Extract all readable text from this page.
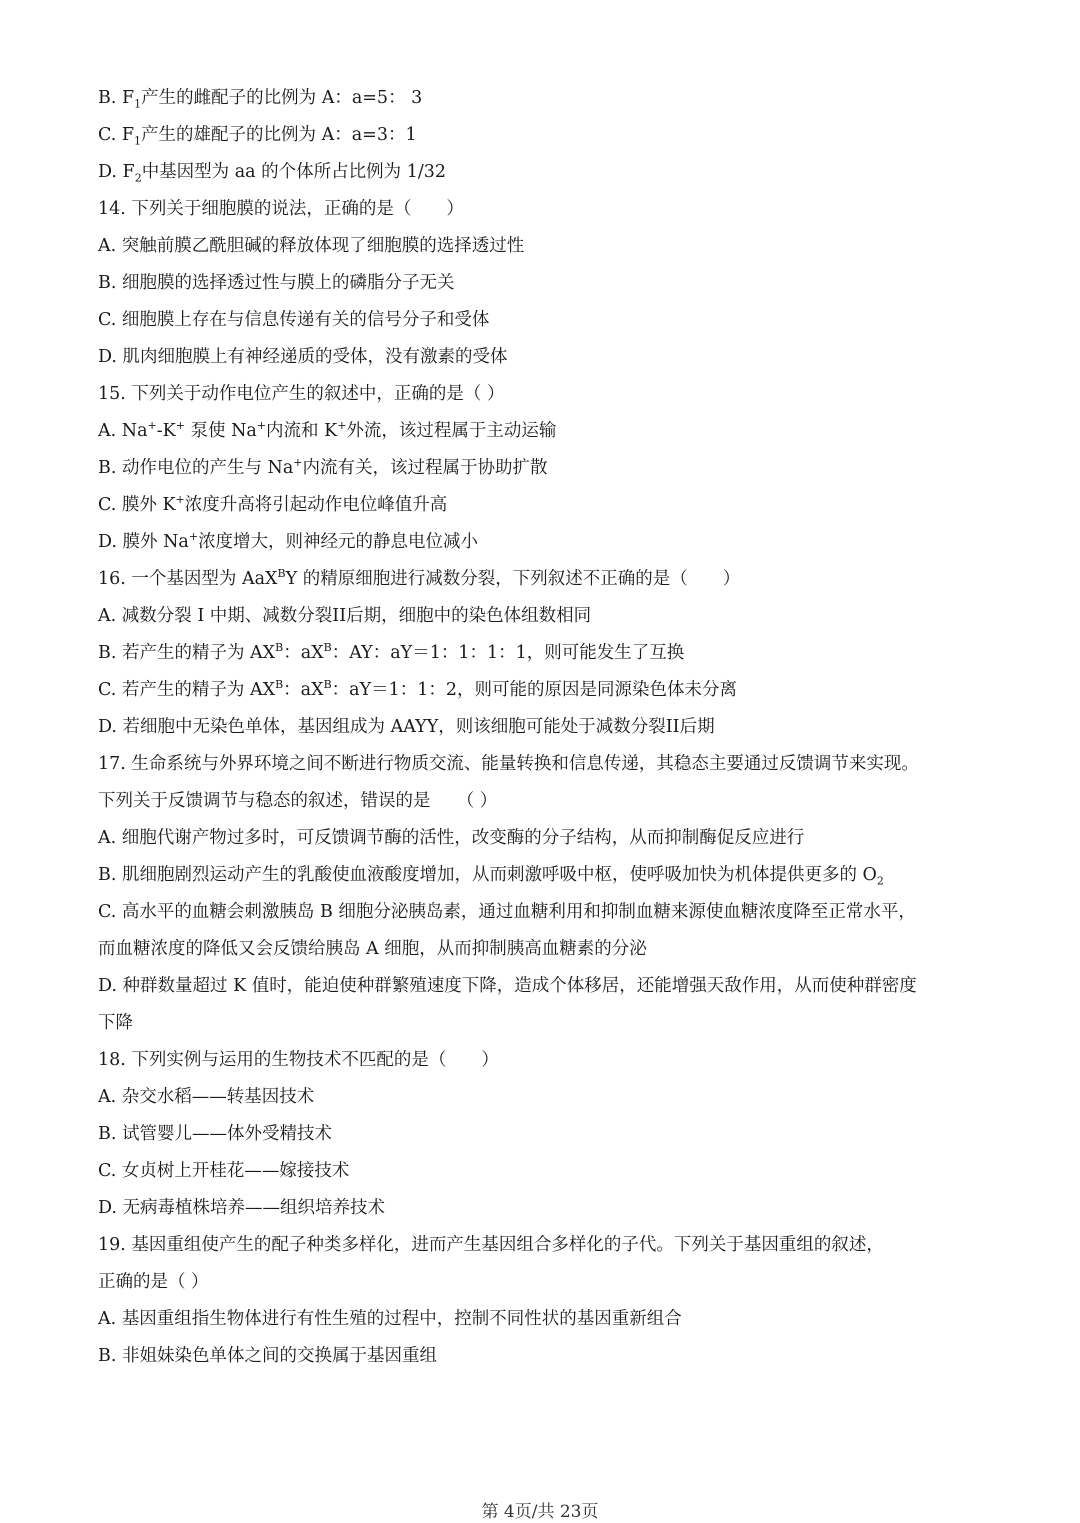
B. $F_1$产生的雌配子的比例为 A：a=5： 3
C. $F_1$产生的雄配子的比例为 A：a=3：1
D. $F_2$中基因型为 aa 的个体所占比例为 1/32
14. 下列关于细胞膜的说法，正确的是（　　）
A. 突触前膜乙酰胆碱的释放体现了细胞膜的选择透过性
B. 细胞膜的选择透过性与膜上的磷脂分子无关
C. 细胞膜上存在与信息传递有关的信号分子和受体
D. 肌肉细胞膜上有神经递质的受体，没有激素的受体
15. 下列关于动作电位产生的叙述中，正确的是（ ）
A. Na+-K+ 泵使 Na+内流和 K+外流，该过程属于主动运输
B. 动作电位的产生与 Na+内流有关，该过程属于协助扩散
C. 膜外 K+浓度升高将引起动作电位峰值升高
D. 膜外 Na+浓度增大，则神经元的静息电位减小
16. 一个基因型为 AaX$^B$Y 的精原细胞进行减数分裂，下列叙述不正确的是（　　）
A. 减数分裂 I 中期、减数分裂II后期，细胞中的染色体组数相同
B. 若产生的精子为 $AX^B$：$aX^B$：AY：aY＝1：1：1：1，则可能发生了互换
C. 若产生的精子为 $AX^B$：$aX^B$：aY＝1：1：2，则可能的原因是同源染色体未分离
D. 若细胞中无染色单体，基因组成为 AAYY，则该细胞可能处于减数分裂II后期
17. 生命系统与外界环境之间不断进行物质交流、能量转换和信息传递，其稳态主要通过反馈调节来实现。
下列关于反馈调节与稳态的叙述，错误的是　　（ ）
A. 细胞代谢产物过多时，可反馈调节酶的活性，改变酶的分子结构，从而抑制酶促反应进行
B. 肌细胞剧烈运动产生的乳酸使血液酸度增加，从而刺激呼吸中枢，使呼吸加快为机体提供更多的 $O_2$
C. 高水平的血糖会刺激胰岛 B 细胞分泌胰岛素，通过血糖利用和抑制血糖来源使血糖浓度降至正常水平，
而血糖浓度的降低又会反馈给胰岛 A 细胞，从而抑制胰高血糖素的分泌
D. 种群数量超过 K 值时，能迫使种群繁殖速度下降，造成个体移居，还能增强天敌作用，从而使种群密度
下降
18. 下列实例与运用的生物技术不匹配的是（　　）
A. 杂交水稻——转基因技术
B. 试管婴儿——体外受精技术
C. 女贞树上开桂花——嫁接技术
D. 无病毒植株培养——组织培养技术
19. 基因重组使产生的配子种类多样化，进而产生基因组合多样化的子代。下列关于基因重组的叙述，
正确的是（ ）
A. 基因重组指生物体进行有性生殖的过程中，控制不同性状的基因重新组合
B. 非姐妹染色单体之间的交换属于基因重组
第 4页/共 23页
